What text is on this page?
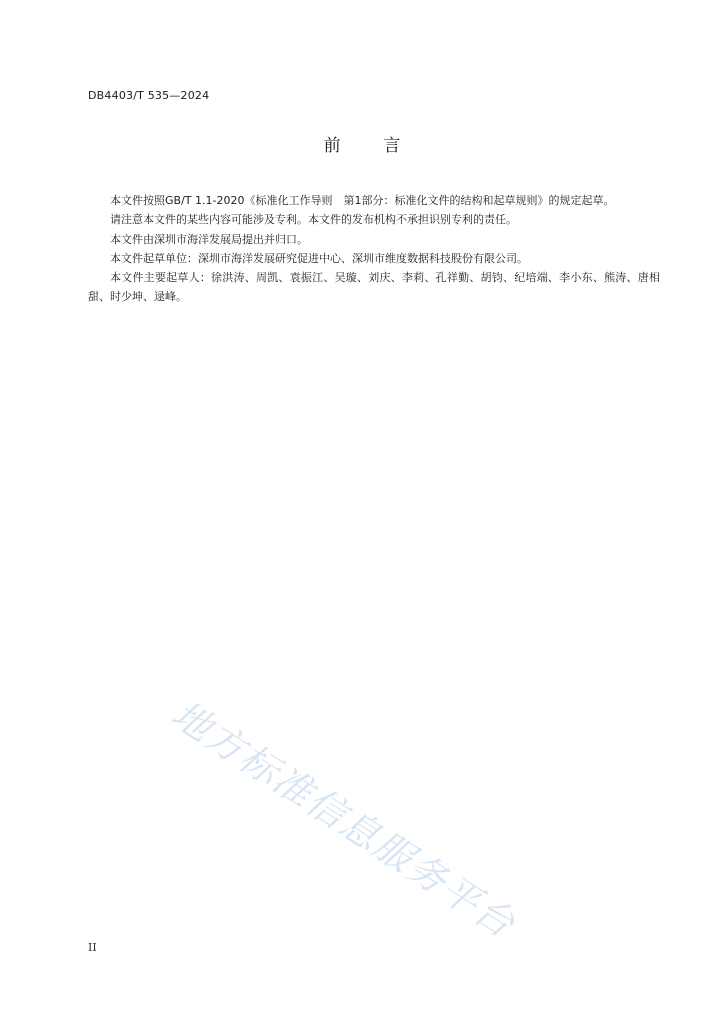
DB4403/T 535—2024
前	言

本文件按照GB/T 1.1-2020《标准化工作导则　第1部分：标准化文件的结构和起草规则》的规定起草。

请注意本文件的某些内容可能涉及专利。本文件的发布机构不承担识别专利的责任。

本文件由深圳市海洋发展局提出并归口。

本文件起草单位：深圳市海洋发展研究促进中心、深圳市维度数据科技股份有限公司。

本文件主要起草人：徐洪涛、周凯、袁振江、吴璇、刘庆、李莉、孔祥勤、胡钧、纪培端、李小东、熊涛、唐相甜、时少坤、逯峰。

地方标准信息服务平台
II
